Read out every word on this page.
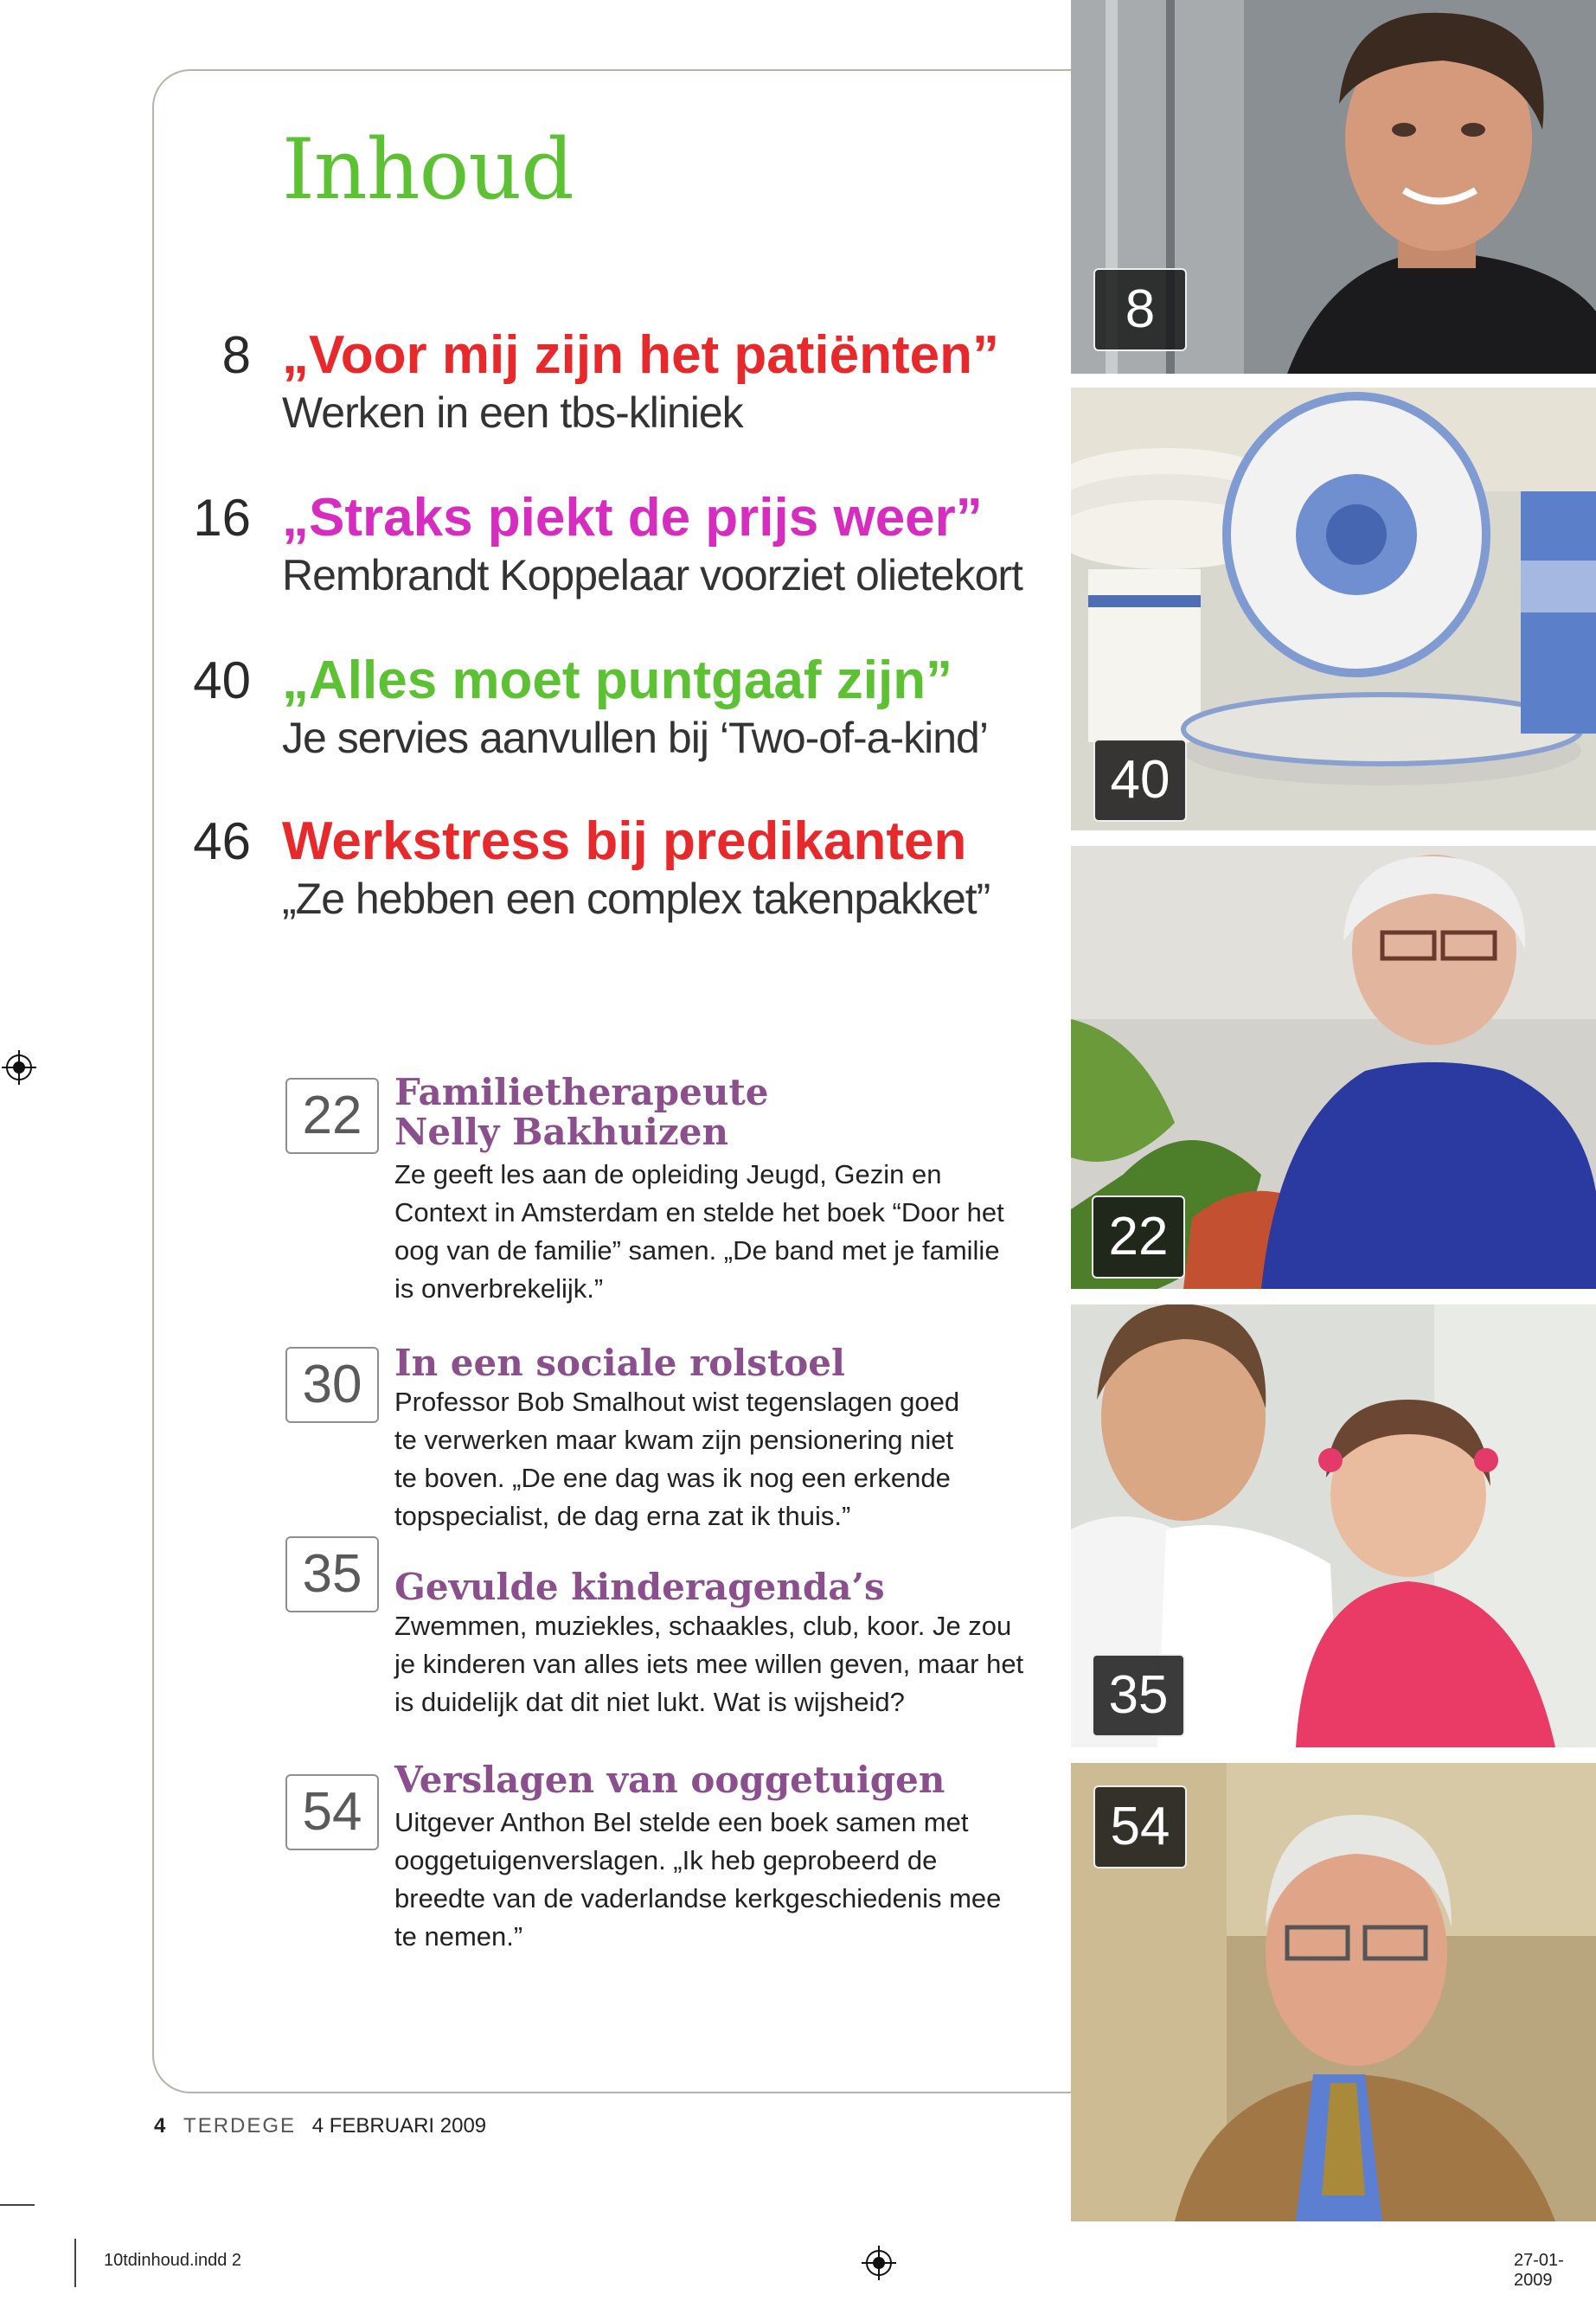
Inhoud
8 „Voor mij zijn het patiënten”
Werken in een tbs-kliniek
16 „Straks piekt de prijs weer”
Rembrandt Koppelaar voorziet olietekort
40 „Alles moet puntgaaf zijn”
Je servies aanvullen bij ‘Two-of-a-kind’
46 Werkstress bij predikanten
„Ze hebben een complex takenpakket”
22 Familietherapeute
Nelly Bakhuizen
Ze geeft les aan de opleiding Jeugd, Gezin en
Context in Amsterdam en stelde het boek “Door het
oog van de familie” samen. „De band met je familie
is onverbrekelijk.”
30 In een sociale rolstoel
Professor Bob Smalhout wist tegenslagen goed
te verwerken maar kwam zijn pensionering niet
te boven. „De ene dag was ik nog een erkende
topspecialist, de dag erna zat ik thuis.”
35 Gevulde kinderagenda’s
Zwemmen, muziekles, schaakles, club, koor. Je zou
je kinderen van alles iets mee willen geven, maar het
is duidelijk dat dit niet lukt. Wat is wijsheid?
54
Verslagen van ooggetuigen
Uitgever Anthon Bel stelde een boek samen met
ooggetuigenverslagen. „Ik heb geprobeerd de
breedte van de vaderlandse kerkgeschiedenis mee
te nemen.”
8
40
22
35
54
4 TERDEGE 4 FEBRUARI 2009
10tdinhoud.indd 2	27-01-2009
